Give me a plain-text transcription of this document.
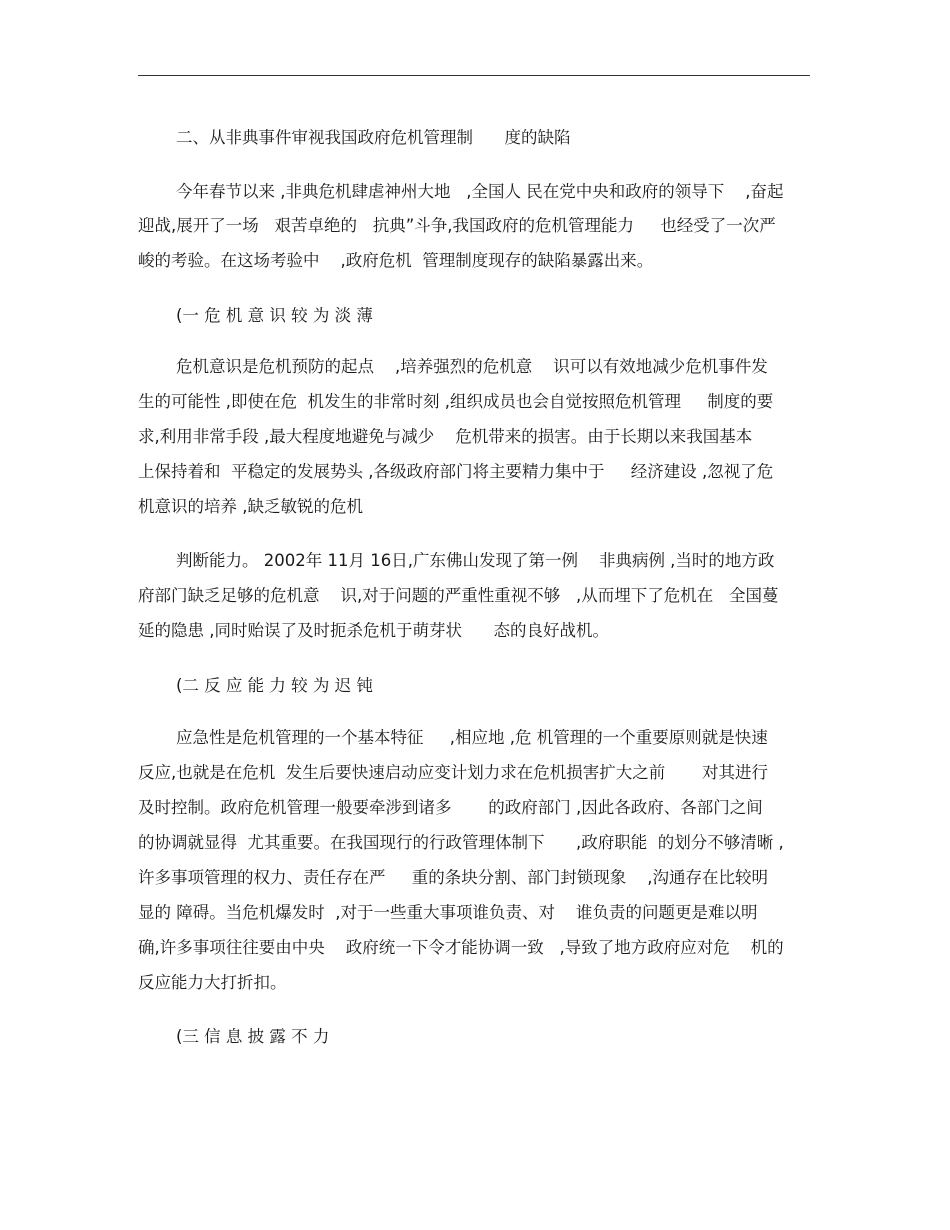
二、从非典事件审视我国政府危机管理制      度的缺陷
今年春节以来 ,非典危机肆虐神州大地   ,全国人 民在党中央和政府的领导下    ,奋起
迎战,展开了一场   艰苦卓绝的   抗典”斗争,我国政府的危机管理能力     也经受了一次严
峻的考验。在这场考验中    ,政府危机  管理制度现存的缺陷暴露出来。
(一 危 机 意 识 较 为 淡 薄
危机意识是危机预防的起点    ,培养强烈的危机意    识可以有效地减少危机事件发
生的可能性 ,即使在危  机发生的非常时刻 ,组织成员也会自觉按照危机管理     制度的要
求,利用非常手段 ,最大程度地避免与减少    危机带来的损害。由于长期以来我国基本
上保持着和  平稳定的发展势头 ,各级政府部门将主要精力集中于     经济建设 ,忽视了危
机意识的培养 ,缺乏敏锐的危机
判断能力。 2002年 11月 16日,广东佛山发现了第一例    非典病例 ,当时的地方政
府部门缺乏足够的危机意    识,对于问题的严重性重视不够   ,从而埋下了危机在   全国蔓
延的隐患 ,同时贻误了及时扼杀危机于萌芽状      态的良好战机。
(二 反 应 能 力 较 为 迟 钝
应急性是危机管理的一个基本特征     ,相应地 ,危 机管理的一个重要原则就是快速
反应,也就是在危机  发生后要快速启动应变计划力求在危机损害扩大之前       对其进行
及时控制。政府危机管理一般要牵涉到诸多       的政府部门 ,因此各政府、各部门之间
的协调就显得  尤其重要。在我国现行的行政管理体制下      ,政府职能  的划分不够清晰 ,
许多事项管理的权力、责任存在严     重的条块分割、部门封锁现象    ,沟通存在比较明
显的 障碍。当危机爆发时  ,对于一些重大事项谁负责、对    谁负责的问题更是难以明
确,许多事项往往要由中央    政府统一下令才能协调一致   ,导致了地方政府应对危    机的
反应能力大打折扣。
(三 信 息 披 露 不 力
